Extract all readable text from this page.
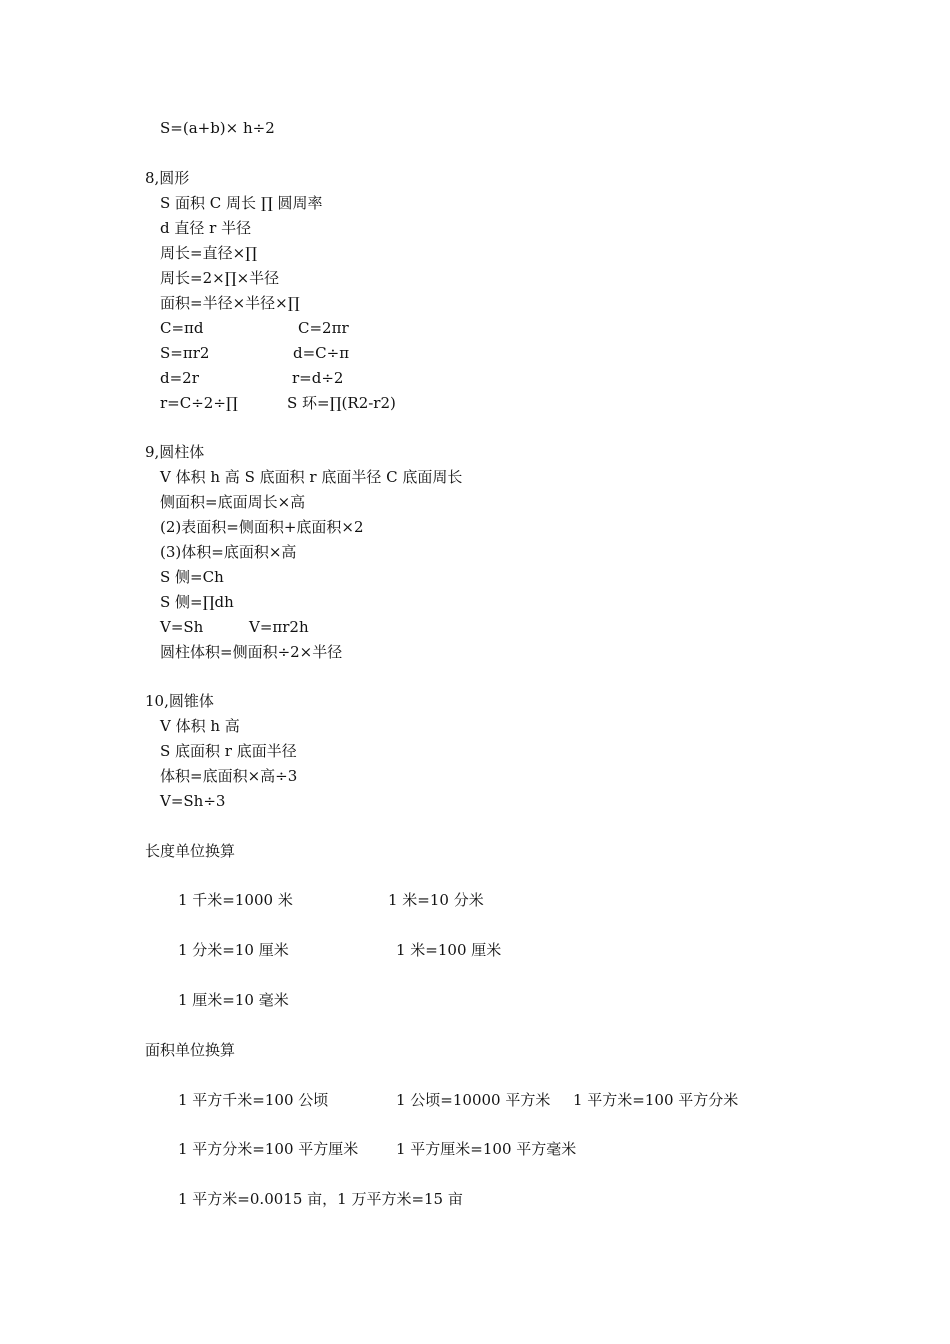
S=(a+b)× h÷2
8,圆形
S 面积 C 周长 ∏ 圆周率
d 直径 r 半径
周长=直径×∏
周长=2×∏×半径
面积=半径×半径×∏
C=πd	C=2πr
S=πr2	d=C÷π
d=2r	r=d÷2
r=C÷2÷∏	S 环=∏(R2-r2)
9,圆柱体
V 体积 h 高 S 底面积 r 底面半径 C 底面周长
侧面积=底面周长×高
(2)表面积=侧面积+底面积×2
(3)体积=底面积×高
S 侧=Ch
S 侧=∏dh
V=Sh	V=πr2h
圆柱体积=侧面积÷2×半径
10,圆锥体
V 体积 h 高
S 底面积 r 底面半径
体积=底面积×高÷3
V=Sh÷3
长度单位换算
1 千米=1000 米	1 米=10 分米
1 分米=10 厘米	1 米=100 厘米
1 厘米=10 毫米
面积单位换算
1 平方千米=100 公顷	1 公顷=10000 平方米 1 平方米=100 平方分米
1 平方分米=100 平方厘米	1 平方厘米=100 平方毫米
1 平方米=0.0015 亩，1 万平方米=15 亩
